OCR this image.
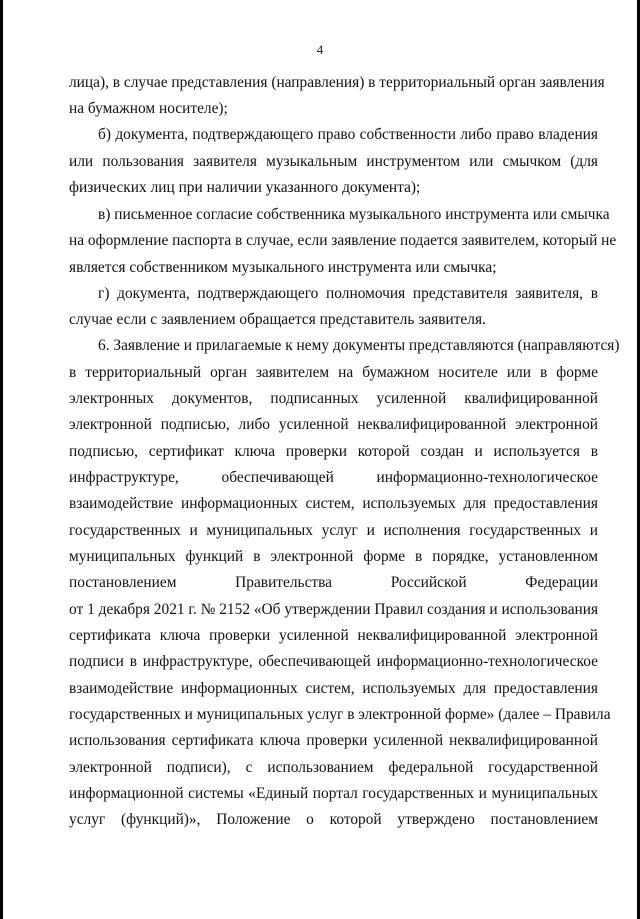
4
лица), в случае представления (направления) в территориальный орган заявления
на бумажном носителе);
б) документа, подтверждающего право собственности либо право владения
или пользования заявителя музыкальным инструментом или смычком (для
физических лиц при наличии указанного документа);
в) письменное согласие собственника музыкального инструмента или смычка
на оформление паспорта в случае, если заявление подается заявителем, который не
является собственником музыкального инструмента или смычка;
г) документа, подтверждающего полномочия представителя заявителя, в
случае если с заявлением обращается представитель заявителя.
6. Заявление и прилагаемые к нему документы представляются (направляются)
в территориальный орган заявителем на бумажном носителе или в форме
электронных документов, подписанных усиленной квалифицированной
электронной подписью, либо усиленной неквалифицированной электронной
подписью, сертификат ключа проверки которой создан и используется в
инфраструктуре, обеспечивающей информационно-технологическое
взаимодействие информационных систем, используемых для предоставления
государственных и муниципальных услуг и исполнения государственных и
муниципальных функций в электронной форме в порядке, установленном
постановлением Правительства Российской Федерации
от 1 декабря 2021 г. № 2152 «Об утверждении Правил создания и использования
сертификата ключа проверки усиленной неквалифицированной электронной
подписи в инфраструктуре, обеспечивающей информационно-технологическое
взаимодействие информационных систем, используемых для предоставления
государственных и муниципальных услуг в электронной форме» (далее – Правила
использования сертификата ключа проверки усиленной неквалифицированной
электронной подписи), с использованием федеральной государственной
информационной системы «Единый портал государственных и муниципальных
услуг (функций)», Положение о которой утверждено постановлением
